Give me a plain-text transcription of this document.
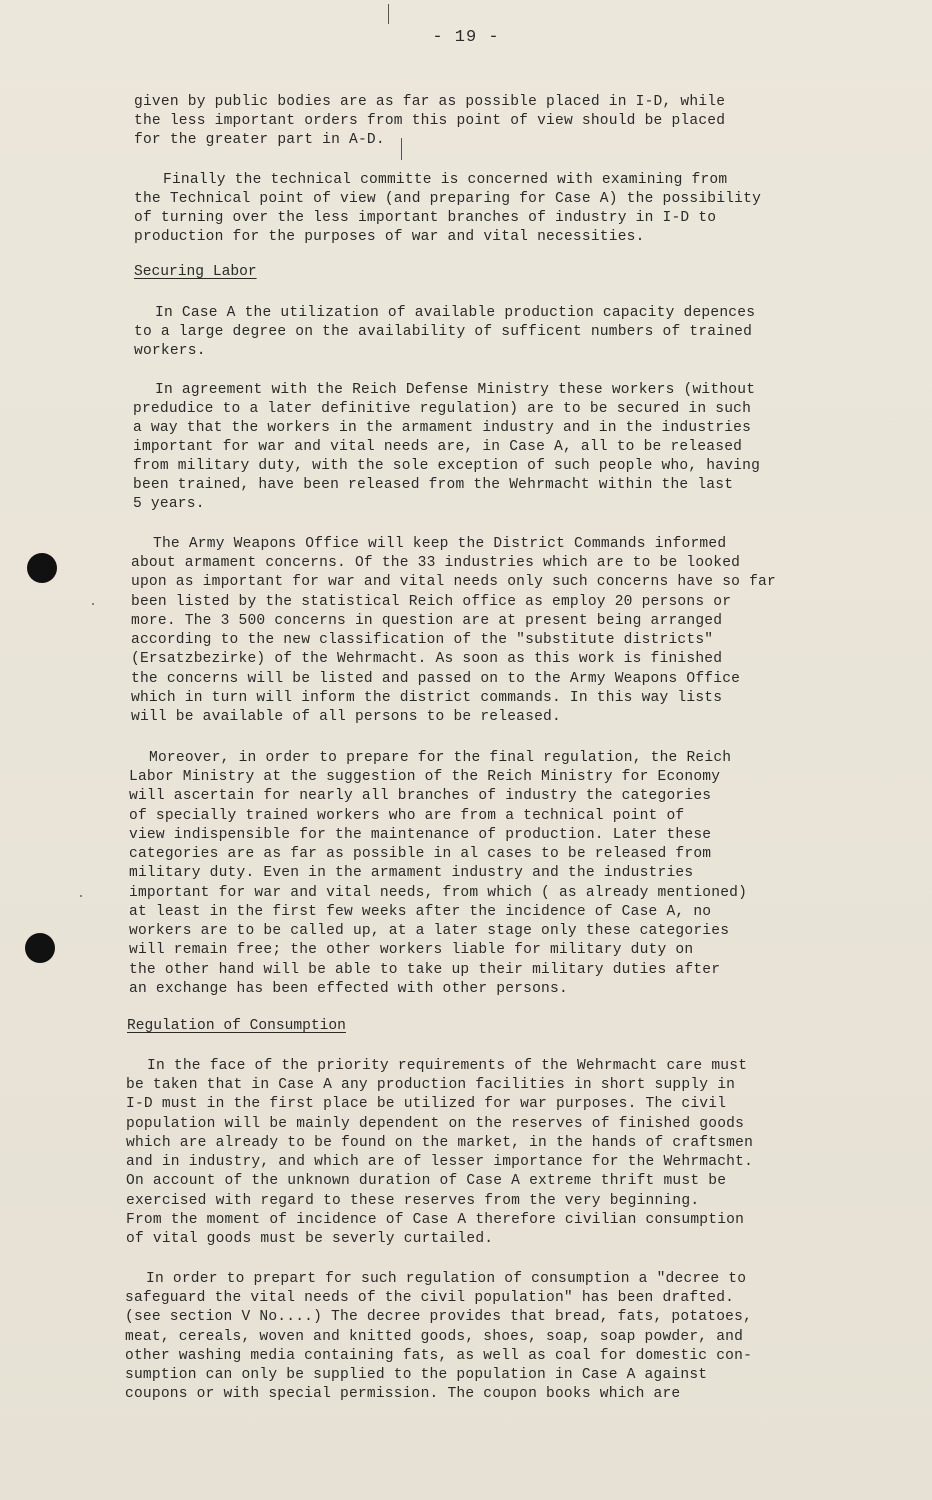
- 19 -
given by public bodies are as far as possible placed in I-D, while
the less important orders from this point of view should be placed
for the greater part in A-D.
Finally the technical committe is concerned with examining from
the Technical point of view (and preparing for Case A) the possibility
of turning over the less important branches of industry in I-D to
production for the purposes of war and vital necessities.
Securing Labor
In Case A the utilization of available production capacity depences
to a large degree on the availability of sufficent numbers of trained
workers.
In agreement with the Reich Defense Ministry these workers (without
predudice to a later definitive regulation) are to be secured in such
a way that the workers in the armament industry and in the industries
important for war and vital needs are, in Case A, all to be released
from military duty, with the sole exception of such people who, having
been trained, have been released from the Wehrmacht within the last
5 years.
The Army Weapons Office will keep the District Commands informed
about armament concerns. Of the 33 industries which are to be looked
upon as important for war and vital needs only such concerns have so far
been listed by the statistical Reich office as employ 20 persons or
more. The 3 500 concerns in question are at present being arranged
according to the new classification of the "substitute districts"
(Ersatzbezirke) of the Wehrmacht. As soon as this work is finished
the concerns will be listed and passed on to the Army Weapons Office
which in turn will inform the district commands. In this way lists
will be available of all persons to be released.
Moreover, in order to prepare for the final regulation, the Reich
Labor Ministry at the suggestion of the Reich Ministry for Economy
will ascertain for nearly all branches of industry the categories
of specially trained workers who are from a technical point of
view indispensible for the maintenance of production. Later these
categories are as far as possible in al cases to be released from
military duty. Even in the armament industry and the industries
important for war and vital needs, from which ( as already mentioned)
at least in the first few weeks after the incidence of Case A, no
workers are to be called up, at a later stage only these categories
will remain free; the other workers liable for military duty on
the other hand will be able to take up their military duties after
an exchange has been effected with other persons.
Regulation of Consumption
In the face of the priority requirements of the Wehrmacht care must
be taken that in Case A any production facilities in short supply in
I-D must in the first place be utilized for war purposes. The civil
population will be mainly dependent on the reserves of finished goods
which are already to be found on the market, in the hands of craftsmen
and in industry, and which are of lesser importance for the Wehrmacht.
On account of the unknown duration of Case A extreme thrift must be
exercised with regard to these reserves from the very beginning.
From the moment of incidence of Case A therefore civilian consumption
of vital goods must be severly curtailed.
In order to prepart for such regulation of consumption a "decree to
safeguard the vital needs of the civil population" has been drafted.
(see section V No....) The decree provides that bread, fats, potatoes,
meat, cereals, woven and knitted goods, shoes, soap, soap powder, and
other washing media containing fats, as well as coal for domestic con-
sumption can only be supplied to the population in Case A against
coupons or with special permission. The coupon books which are
